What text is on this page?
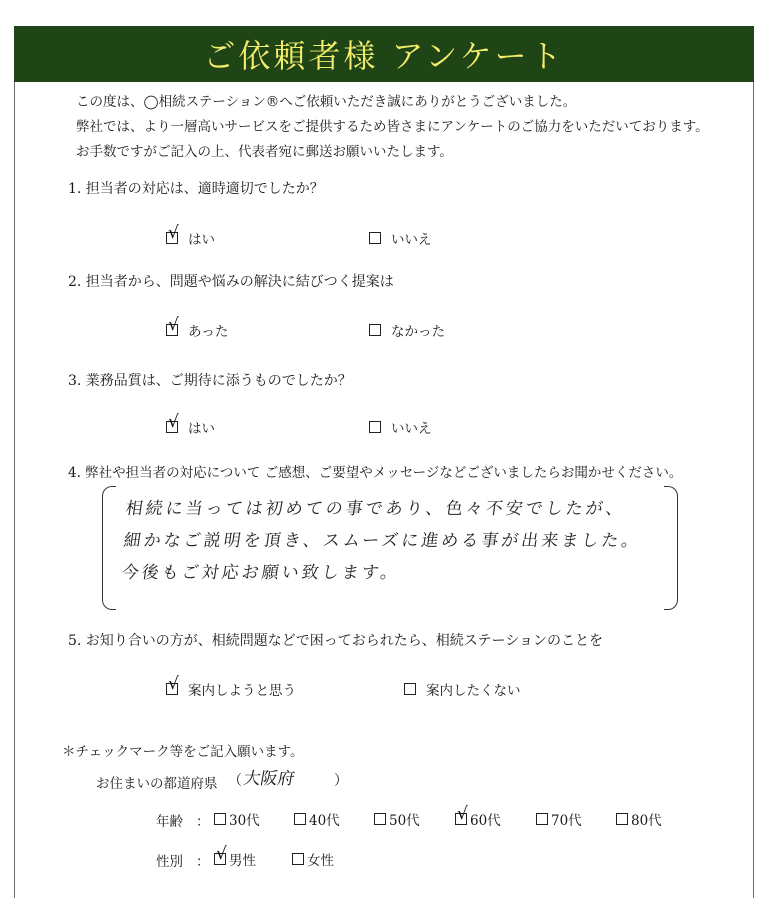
ご依頼者様 アンケート
この度は、◯相続ステーション®へご依頼いただき誠にありがとうございました。
弊社では、より一層高いサービスをご提供するため皆さまにアンケートのご協力をいただいております。
お手数ですがご記入の上、代表者宛に郵送お願いいたします。
1. 担当者の対応は、適時適切でしたか？
√ はい	いいえ
2. 担当者から、問題や悩みの解決に結びつく提案は
√ あった	なかった
3. 業務品質は、ご期待に添うものでしたか？
√ はい	いいえ
4. 弊社や担当者の対応について ご感想、ご要望やメッセージなどございましたらお聞かせください。
相続に当っては初めての事であり、色々不安でしたが、
細かなご説明を頂き、スムーズに進める事が出来ました。
今後もご対応お願い致します。
5. お知り合いの方が、相続問題などで困っておられたら、相続ステーションのことを
√ 案内しようと思う	案内したくない
＊チェックマーク等をご記入願います。
お住まいの都道府県 （ 大阪府	）
年齢 ： 30代	40代	50代 √ 60代	70代	80代
性別 ： √ 男性	女性
